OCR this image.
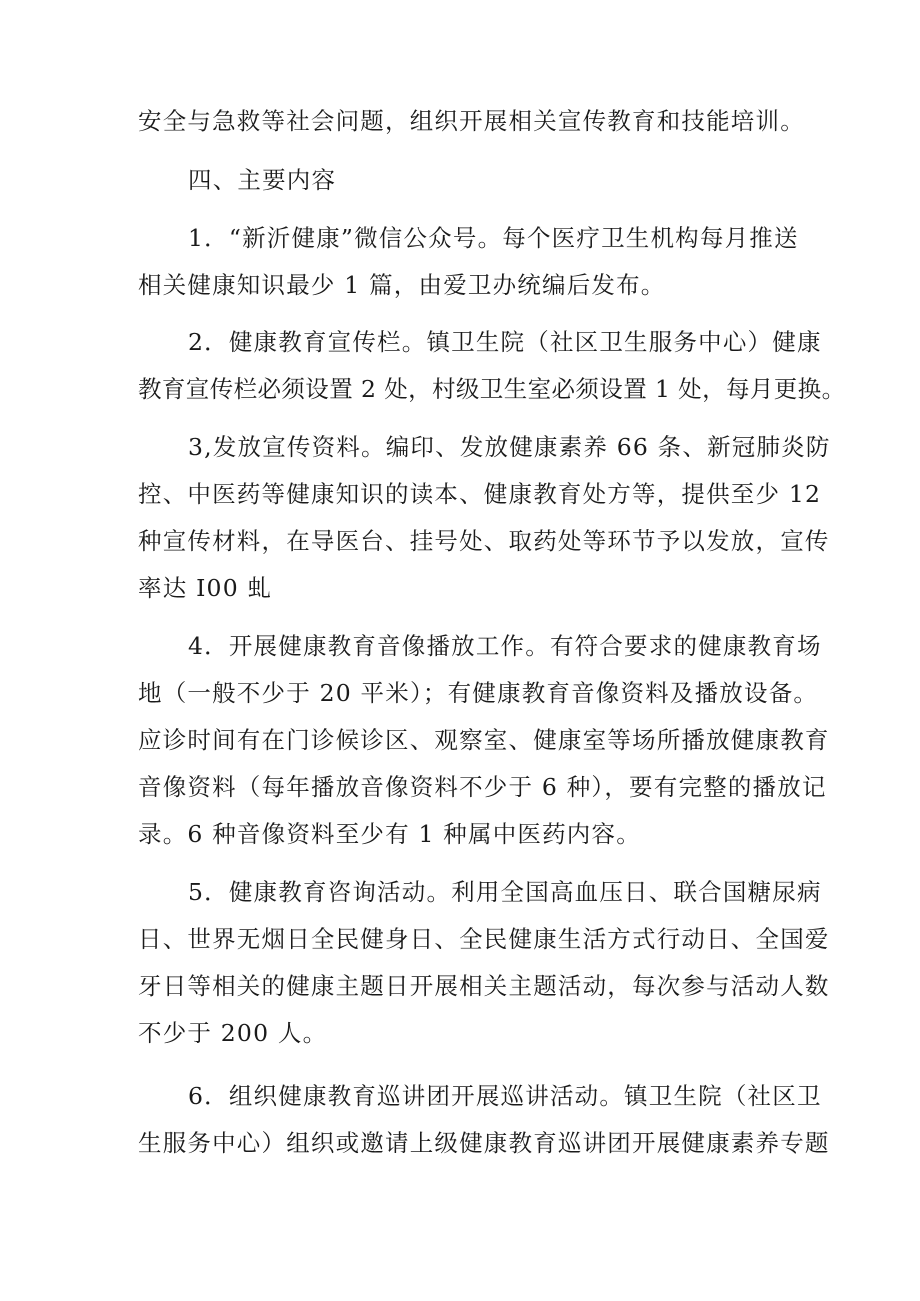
安全与急救等社会问题，组织开展相关宣传教育和技能培训。
四、主要内容
1．“新沂健康”微信公众号。每个医疗卫生机构每月推送
相关健康知识最少 1 篇，由爱卫办统编后发布。
2．健康教育宣传栏。镇卫生院（社区卫生服务中心）健康
教育宣传栏必须设置 2 处，村级卫生室必须设置 1 处，每月更换。
3,发放宣传资料。编印、发放健康素养 66 条、新冠肺炎防
控、中医药等健康知识的读本、健康教育处方等，提供至少 12
种宣传材料，在导医台、挂号处、取药处等环节予以发放，宣传
率达 I00 虬
4．开展健康教育音像播放工作。有符合要求的健康教育场
地（一般不少于 20 平米）；有健康教育音像资料及播放设备。
应诊时间有在门诊候诊区、观察室、健康室等场所播放健康教育
音像资料（每年播放音像资料不少于 6 种），要有完整的播放记
录。6 种音像资料至少有 1 种属中医药内容。
5．健康教育咨询活动。利用全国高血压日、联合国糖尿病
日、世界无烟日全民健身日、全民健康生活方式行动日、全国爱
牙日等相关的健康主题日开展相关主题活动，每次参与活动人数
不少于 200 人。
6．组织健康教育巡讲团开展巡讲活动。镇卫生院（社区卫
生服务中心）组织或邀请上级健康教育巡讲团开展健康素养专题
